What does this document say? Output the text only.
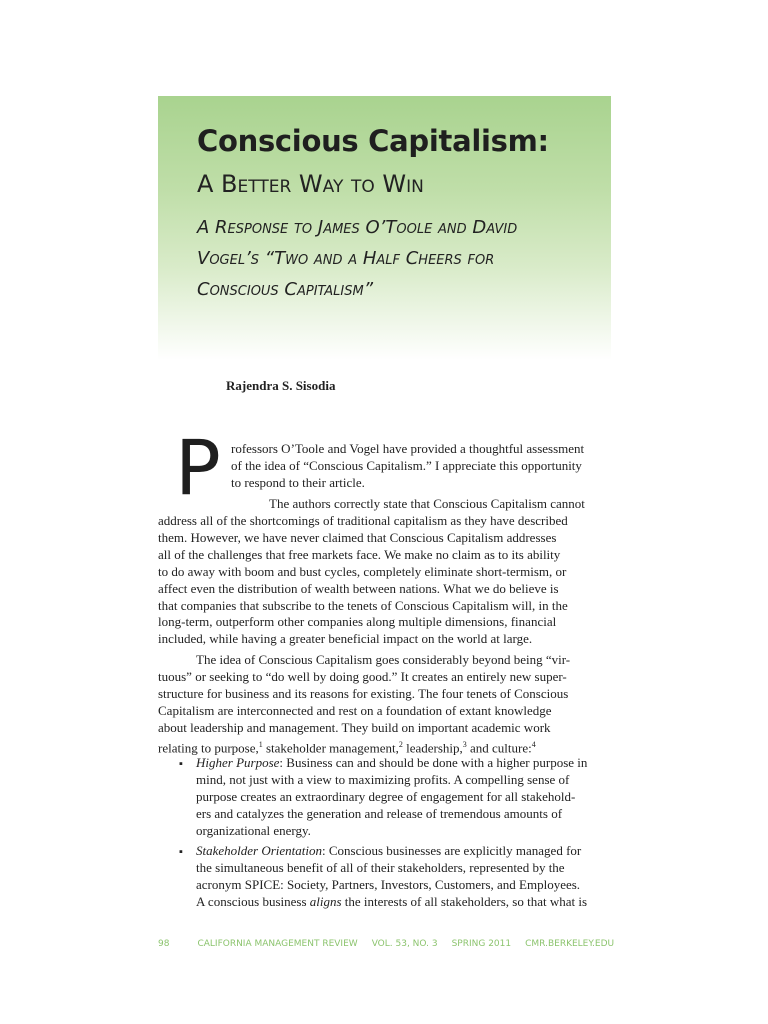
Conscious Capitalism:
A Better Way to Win
A Response to James O’Toole and David
Vogel’s “Two and a Half Cheers for
Conscious Capitalism”
Rajendra S. Sisodia
P rofessors O’Toole and Vogel have provided a thoughtful assessment
of the idea of “Conscious Capitalism.” I appreciate this opportunity
to respond to their article.
The authors correctly state that Conscious Capitalism cannot
address all of the shortcomings of traditional capitalism as they have described
them. However, we have never claimed that Conscious Capitalism addresses
all of the challenges that free markets face. We make no claim as to its ability
to do away with boom and bust cycles, completely eliminate short-termism, or
affect even the distribution of wealth between nations. What we do believe is
that companies that subscribe to the tenets of Conscious Capitalism will, in the
long-term, outperform other companies along multiple dimensions, financial
included, while having a greater beneficial impact on the world at large.
The idea of Conscious Capitalism goes considerably beyond being “vir-
tuous” or seeking to “do well by doing good.” It creates an entirely new super-
structure for business and its reasons for existing. The four tenets of Conscious
Capitalism are interconnected and rest on a foundation of extant knowledge
about leadership and management. They build on important academic work
relating to purpose,$^1$ stakeholder management,$^2$ leadership,$^3$ and culture:$^4$
▪ Higher Purpose: Business can and should be done with a higher purpose in
mind, not just with a view to maximizing profits. A compelling sense of
purpose creates an extraordinary degree of engagement for all stakehold-
ers and catalyzes the generation and release of tremendous amounts of
organizational energy.
▪ Stakeholder Orientation: Conscious businesses are explicitly managed for
the simultaneous benefit of all of their stakeholders, represented by the
acronym SPICE: Society, Partners, Investors, Customers, and Employees.
A conscious business aligns the interests of all stakeholders, so that what is
98	CALIFORNIA MANAGEMENT REVIEW VOL. 53, NO. 3 SPRING 2011 CMR.BERKELEY.EDU
